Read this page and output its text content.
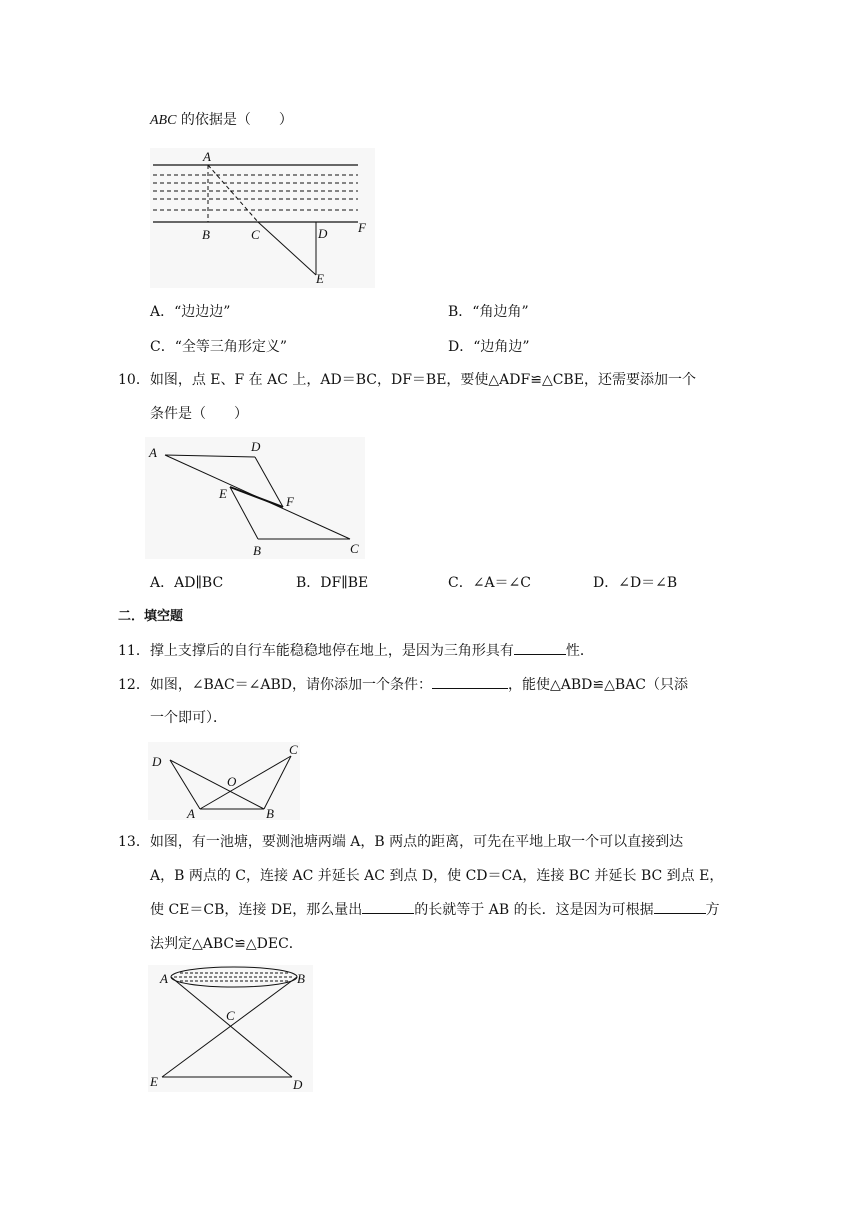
ABC 的依据是（　　）
A
B	C	D F
E
A．“边边边”	B．“角边角”
C．“全等三角形定义”	D．“边角边”
10．如图，点 E、F 在 AC 上，AD＝BC，DF＝BE，要使△ADF≌△CBE，还需要添加一个
条件是（　　）
A	D
E
F
B	C
A．AD∥BC	B．DF∥BE	C．∠A＝∠C	D．∠D＝∠B
二．填空题
11．撑上支撑后的自行车能稳稳地停在地上，是因为三角形具有	性．
12．如图，∠BAC＝∠ABD，请你添加一个条件：	，能使△ABD≌△BAC（只添
一个即可）．
D
C
O
A	B
13．如图，有一池塘，要测池塘两端 A，B 两点的距离，可先在平地上取一个可以直接到达
A，B 两点的 C，连接 AC 并延长 AC 到点 D，使 CD＝CA，连接 BC 并延长 BC 到点 E，
使 CE＝CB，连接 DE，那么量出	的长就等于 AB 的长．这是因为可根据	方
法判定△ABC≌△DEC．
A	B
C
E	D
